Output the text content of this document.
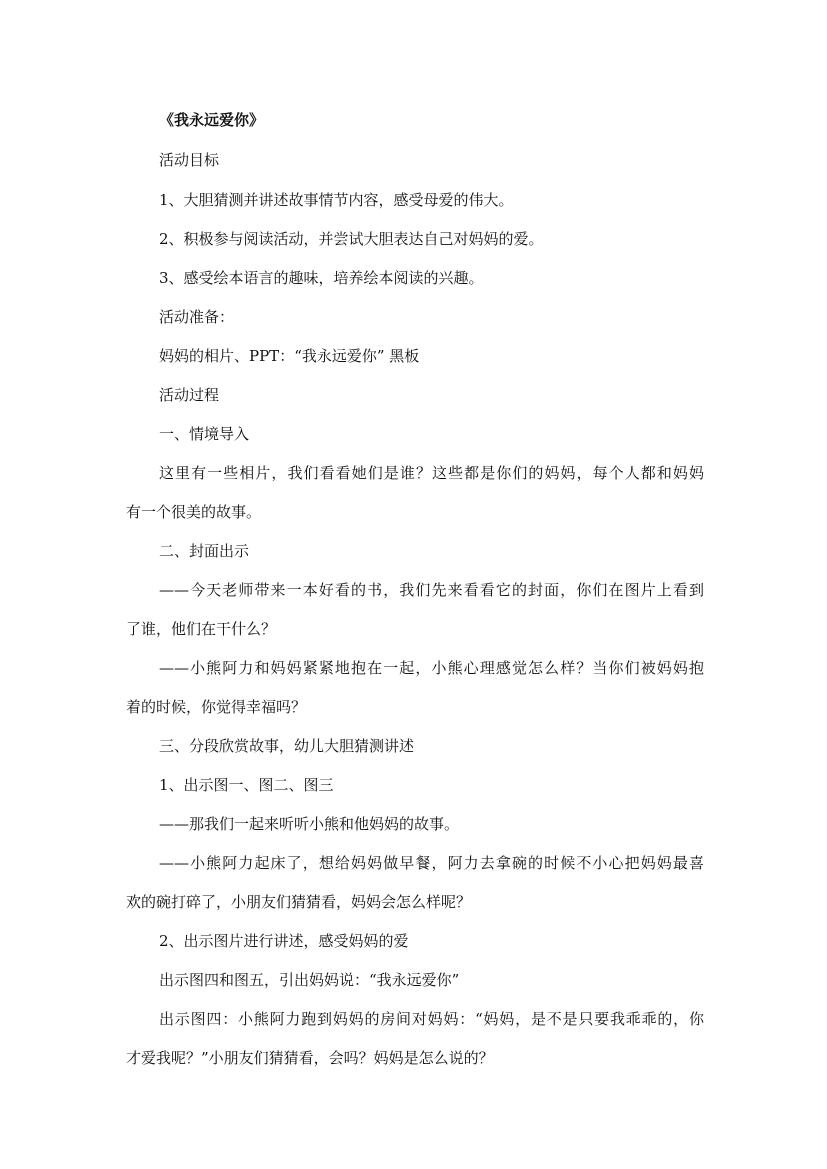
《我永远爱你》
活动目标
1、大胆猜测并讲述故事情节内容，感受母爱的伟大。
2、积极参与阅读活动，并尝试大胆表达自己对妈妈的爱。
3、感受绘本语言的趣味，培养绘本阅读的兴趣。
活动准备：
妈妈的相片、PPT：“我永远爱你” 黑板
活动过程
一、情境导入
这里有一些相片，我们看看她们是谁？这些都是你们的妈妈，每个人都和妈妈
有一个很美的故事。
二、封面出示
——今天老师带来一本好看的书，我们先来看看它的封面，你们在图片上看到
了谁，他们在干什么？
——小熊阿力和妈妈紧紧地抱在一起，小熊心理感觉怎么样？当你们被妈妈抱
着的时候，你觉得幸福吗？
三、分段欣赏故事，幼儿大胆猜测讲述
1、出示图一、图二、图三
——那我们一起来听听小熊和他妈妈的故事。
——小熊阿力起床了，想给妈妈做早餐，阿力去拿碗的时候不小心把妈妈最喜
欢的碗打碎了，小朋友们猜猜看，妈妈会怎么样呢？
2、出示图片进行讲述，感受妈妈的爱
出示图四和图五，引出妈妈说：“我永远爱你”
出示图四：小熊阿力跑到妈妈的房间对妈妈：“妈妈，是不是只要我乖乖的，你
才爱我呢？”小朋友们猜猜看，会吗？妈妈是怎么说的？
